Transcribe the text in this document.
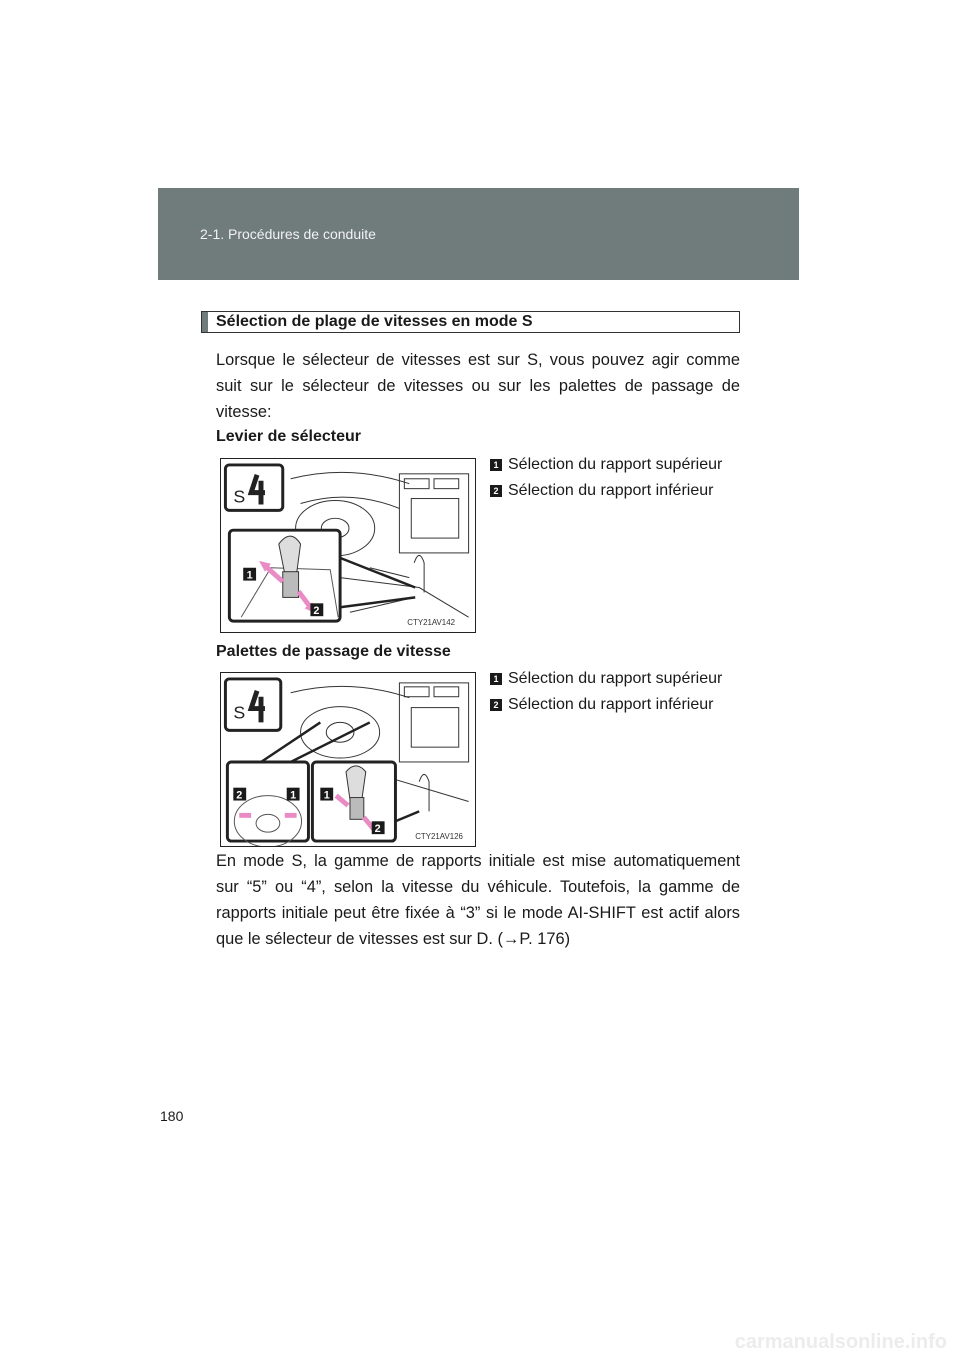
2-1. Procédures de conduite
Sélection de plage de vitesses en mode S

Lorsque le sélecteur de vitesses est sur S, vous pouvez agir comme suit sur le sélecteur de vitesses ou sur les palettes de passage de vitesse:

Levier de sélecteur
S
1
2
CTY21AV142
1 Sélection du rapport supérieur
2 Sélection du rapport inférieur
Palettes de passage de vitesse
S
2	1	1
2
CTY21AV126
1 Sélection du rapport supérieur
2 Sélection du rapport inférieur

En mode S, la gamme de rapports initiale est mise automatiquement sur “5” ou “4”, selon la vitesse du véhicule. Toutefois, la gamme de rapports initiale peut être fixée à “3” si le mode AI-SHIFT est actif alors que le sélecteur de vitesses est sur D. (→P. 176)

180
carmanualsonline.info
